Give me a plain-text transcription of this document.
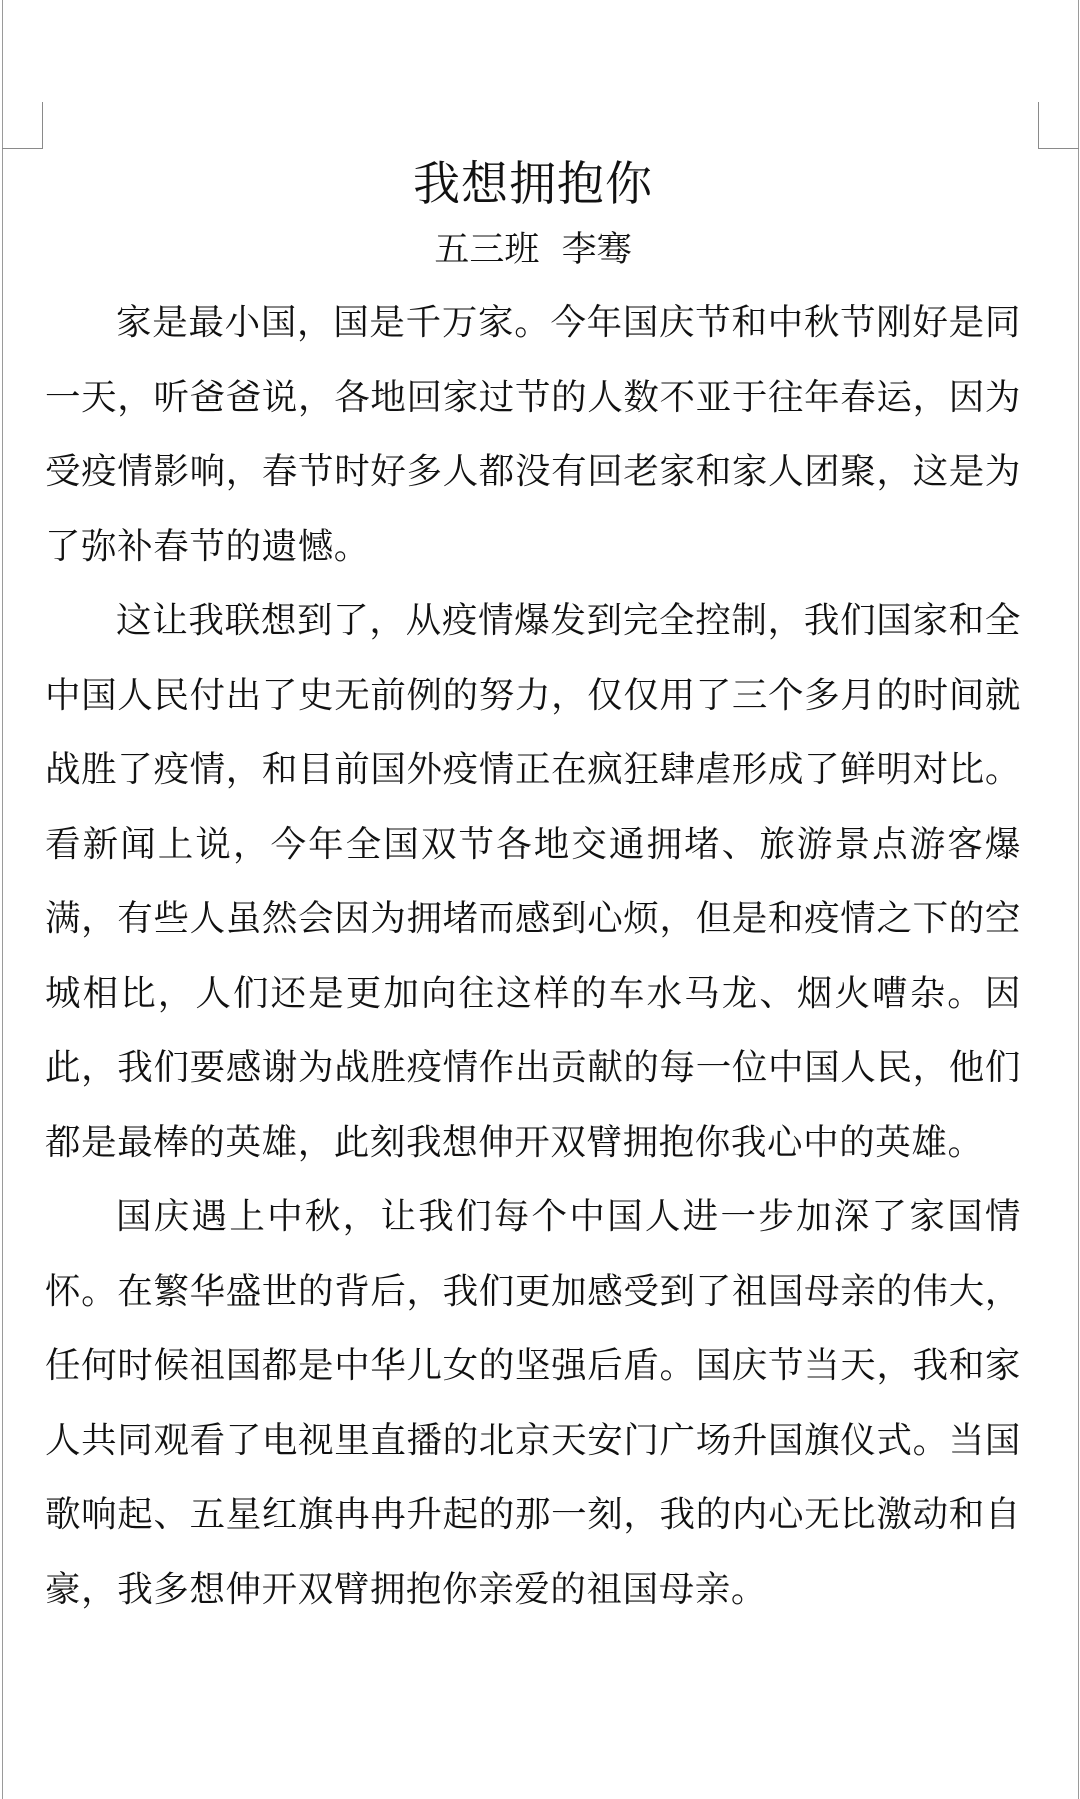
我想拥抱你

五三班  李骞

家是最小国，国是千万家。今年国庆节和中秋节刚好是同一天，听爸爸说，各地回家过节的人数不亚于往年春运，因为受疫情影响，春节时好多人都没有回老家和家人团聚，这是为了弥补春节的遗憾。

这让我联想到了，从疫情爆发到完全控制，我们国家和全中国人民付出了史无前例的努力，仅仅用了三个多月的时间就战胜了疫情，和目前国外疫情正在疯狂肆虐形成了鲜明对比。看新闻上说，今年全国双节各地交通拥堵、旅游景点游客爆满，有些人虽然会因为拥堵而感到心烦，但是和疫情之下的空城相比，人们还是更加向往这样的车水马龙、烟火嘈杂。因此，我们要感谢为战胜疫情作出贡献的每一位中国人民，他们都是最棒的英雄，此刻我想伸开双臂拥抱你我心中的英雄。

国庆遇上中秋，让我们每个中国人进一步加深了家国情怀。在繁华盛世的背后，我们更加感受到了祖国母亲的伟大，任何时候祖国都是中华儿女的坚强后盾。国庆节当天，我和家人共同观看了电视里直播的北京天安门广场升国旗仪式。当国歌响起、五星红旗冉冉升起的那一刻，我的内心无比激动和自豪，我多想伸开双臂拥抱你亲爱的祖国母亲。
